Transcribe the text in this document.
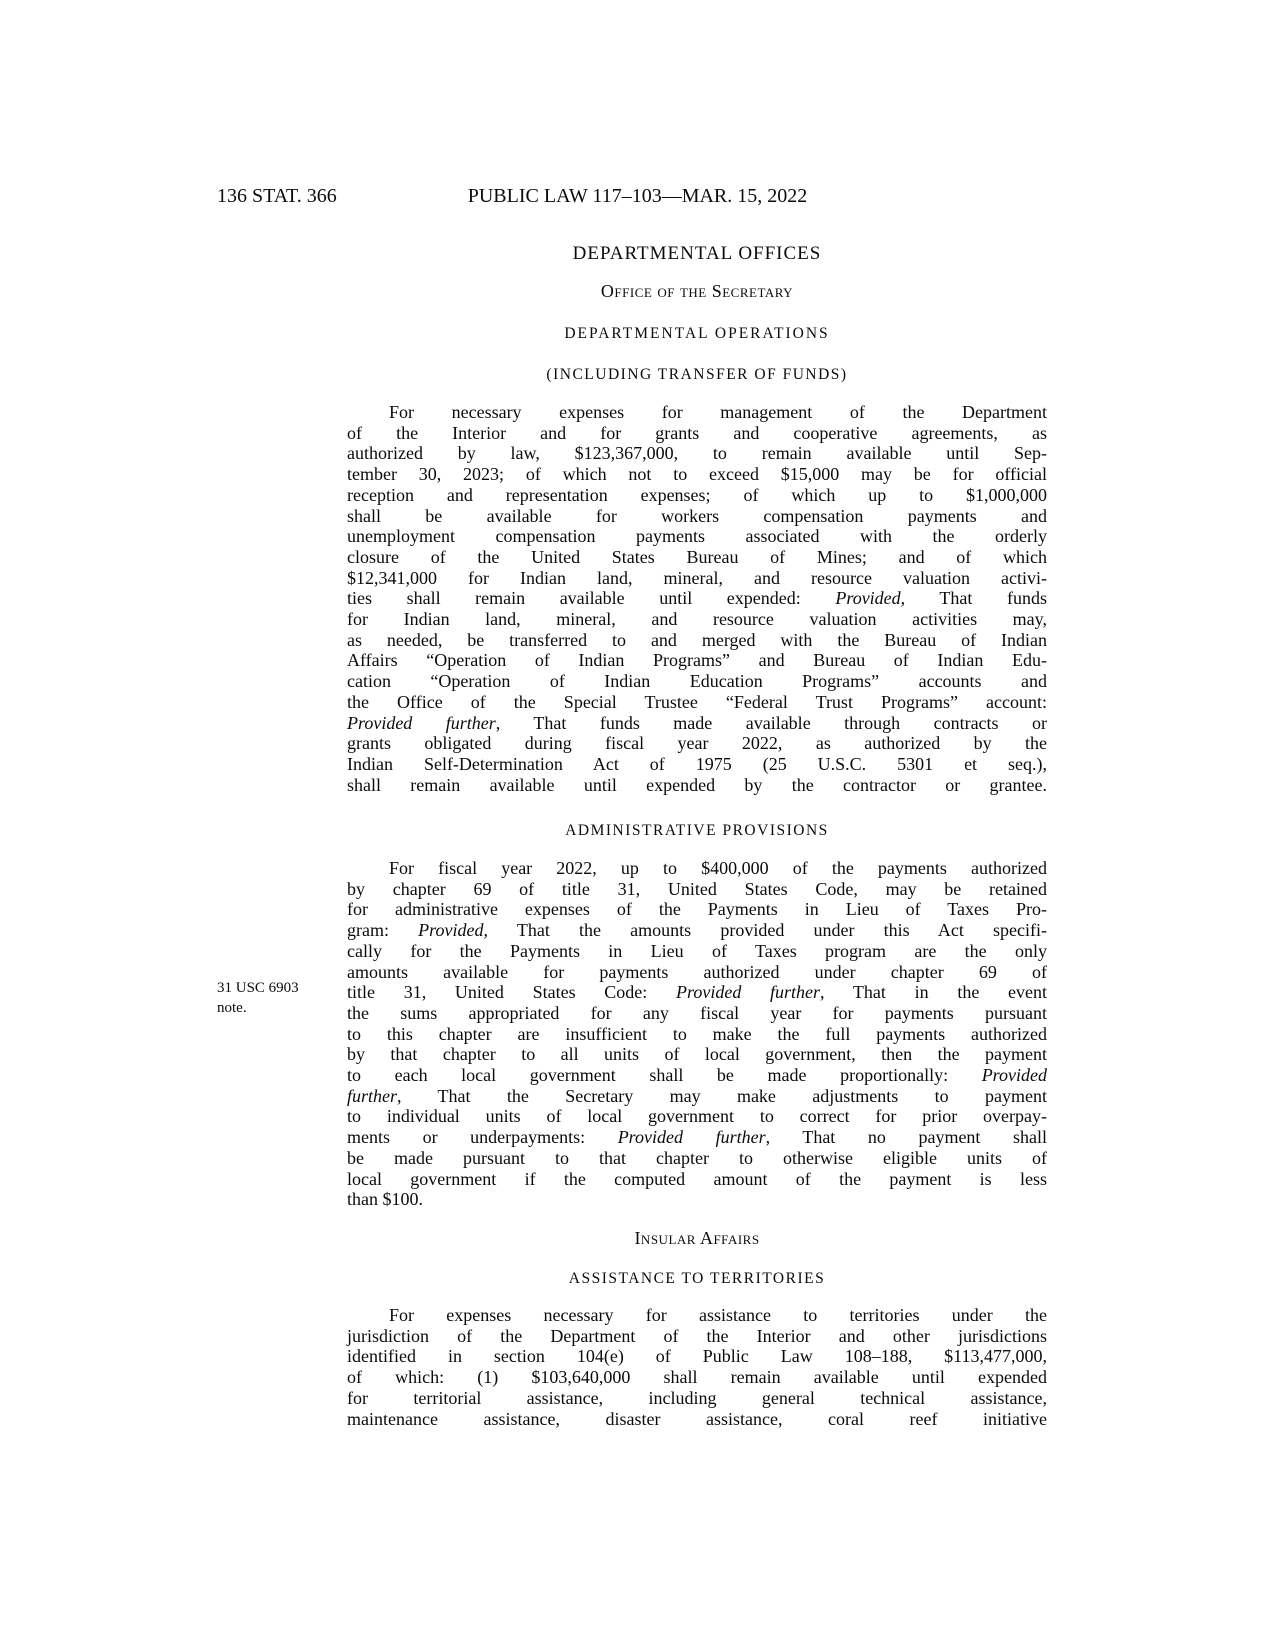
136 STAT. 366	PUBLIC LAW 117–103—MAR. 15, 2022
31 USC 6903
note.
DEPARTMENTAL OFFICES
Office of the Secretary
DEPARTMENTAL OPERATIONS
(INCLUDING TRANSFER OF FUNDS)
For necessary expenses for management of the Department
of the Interior and for grants and cooperative agreements, as
authorized by law, $123,367,000, to remain available until Sep-
tember 30, 2023; of which not to exceed $15,000 may be for official
reception and representation expenses; of which up to $1,000,000
shall be available for workers compensation payments and
unemployment compensation payments associated with the orderly
closure of the United States Bureau of Mines; and of which
$12,341,000 for Indian land, mineral, and resource valuation activi-
ties shall remain available until expended: Provided, That funds
for Indian land, mineral, and resource valuation activities may,
as needed, be transferred to and merged with the Bureau of Indian
Affairs “Operation of Indian Programs” and Bureau of Indian Edu-
cation “Operation of Indian Education Programs” accounts and
the Office of the Special Trustee “Federal Trust Programs” account:
Provided further, That funds made available through contracts or
grants obligated during fiscal year 2022, as authorized by the
Indian Self-Determination Act of 1975 (25 U.S.C. 5301 et seq.),
shall remain available until expended by the contractor or grantee.
ADMINISTRATIVE PROVISIONS
For fiscal year 2022, up to $400,000 of the payments authorized
by chapter 69 of title 31, United States Code, may be retained
for administrative expenses of the Payments in Lieu of Taxes Pro-
gram: Provided, That the amounts provided under this Act specifi-
cally for the Payments in Lieu of Taxes program are the only
amounts available for payments authorized under chapter 69 of
title 31, United States Code: Provided further, That in the event
the sums appropriated for any fiscal year for payments pursuant
to this chapter are insufficient to make the full payments authorized
by that chapter to all units of local government, then the payment
to each local government shall be made proportionally: Provided
further, That the Secretary may make adjustments to payment
to individual units of local government to correct for prior overpay-
ments or underpayments: Provided further, That no payment shall
be made pursuant to that chapter to otherwise eligible units of
local government if the computed amount of the payment is less
than $100.
Insular Affairs
ASSISTANCE TO TERRITORIES
For expenses necessary for assistance to territories under the
jurisdiction of the Department of the Interior and other jurisdictions
identified in section 104(e) of Public Law 108–188, $113,477,000,
of which: (1) $103,640,000 shall remain available until expended
for territorial assistance, including general technical assistance,
maintenance assistance, disaster assistance, coral reef initiative
